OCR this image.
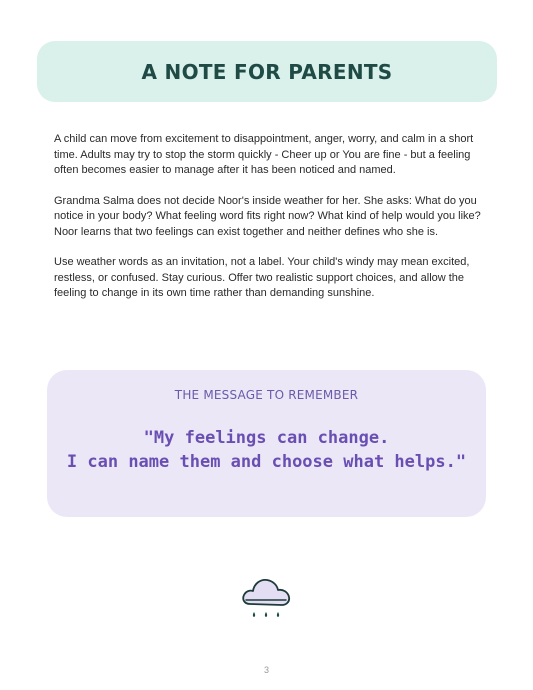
A NOTE FOR PARENTS

A child can move from excitement to disappointment, anger, worry, and calm in a short time. Adults may try to stop the storm quickly - Cheer up or You are fine - but a feeling often becomes easier to manage after it has been noticed and named.

Grandma Salma does not decide Noor's inside weather for her. She asks: What do you notice in your body? What feeling word fits right now? What kind of help would you like? Noor learns that two feelings can exist together and neither defines who she is.

Use weather words as an invitation, not a label. Your child's windy may mean excited, restless, or confused. Stay curious. Offer two realistic support choices, and allow the feeling to change in its own time rather than demanding sunshine.

THE MESSAGE TO REMEMBER
"My feelings can change.
I can name them and choose what helps."
3
